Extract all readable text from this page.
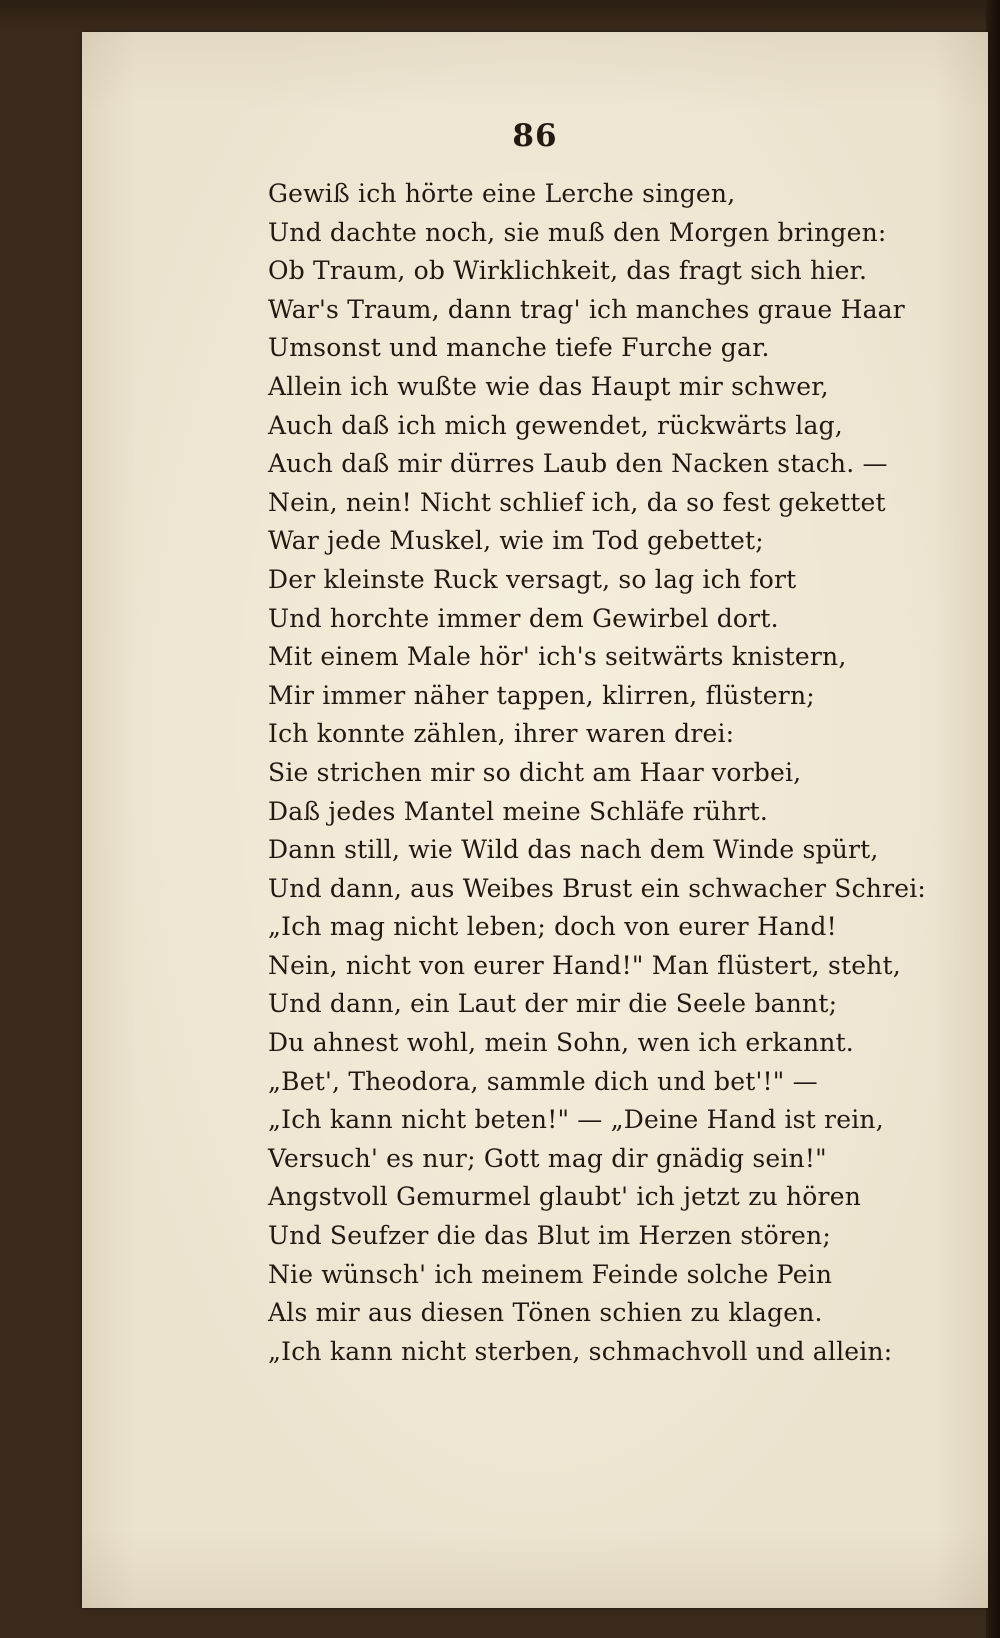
86
Gewiß ich hörte eine Lerche singen,
Und dachte noch, sie muß den Morgen bringen:
Ob Traum, ob Wirklichkeit, das fragt sich hier.
War's Traum, dann trag' ich manches graue Haar
Umsonst und manche tiefe Furche gar.
Allein ich wußte wie das Haupt mir schwer,
Auch daß ich mich gewendet, rückwärts lag,
Auch daß mir dürres Laub den Nacken stach. —
Nein, nein! Nicht schlief ich, da so fest gekettet
War jede Muskel, wie im Tod gebettet;
Der kleinste Ruck versagt, so lag ich fort
Und horchte immer dem Gewirbel dort.
Mit einem Male hör' ich's seitwärts knistern,
Mir immer näher tappen, klirren, flüstern;
Ich konnte zählen, ihrer waren drei:
Sie strichen mir so dicht am Haar vorbei,
Daß jedes Mantel meine Schläfe rührt.
Dann still, wie Wild das nach dem Winde spürt,
Und dann, aus Weibes Brust ein schwacher Schrei:
„Ich mag nicht leben; doch von eurer Hand!
Nein, nicht von eurer Hand!" Man flüstert, steht,
Und dann, ein Laut der mir die Seele bannt;
Du ahnest wohl, mein Sohn, wen ich erkannt.
„Bet', Theodora, sammle dich und bet'!" —
„Ich kann nicht beten!" — „Deine Hand ist rein,
Versuch' es nur; Gott mag dir gnädig sein!"
Angstvoll Gemurmel glaubt' ich jetzt zu hören
Und Seufzer die das Blut im Herzen stören;
Nie wünsch' ich meinem Feinde solche Pein
Als mir aus diesen Tönen schien zu klagen.
„Ich kann nicht sterben, schmachvoll und allein:
